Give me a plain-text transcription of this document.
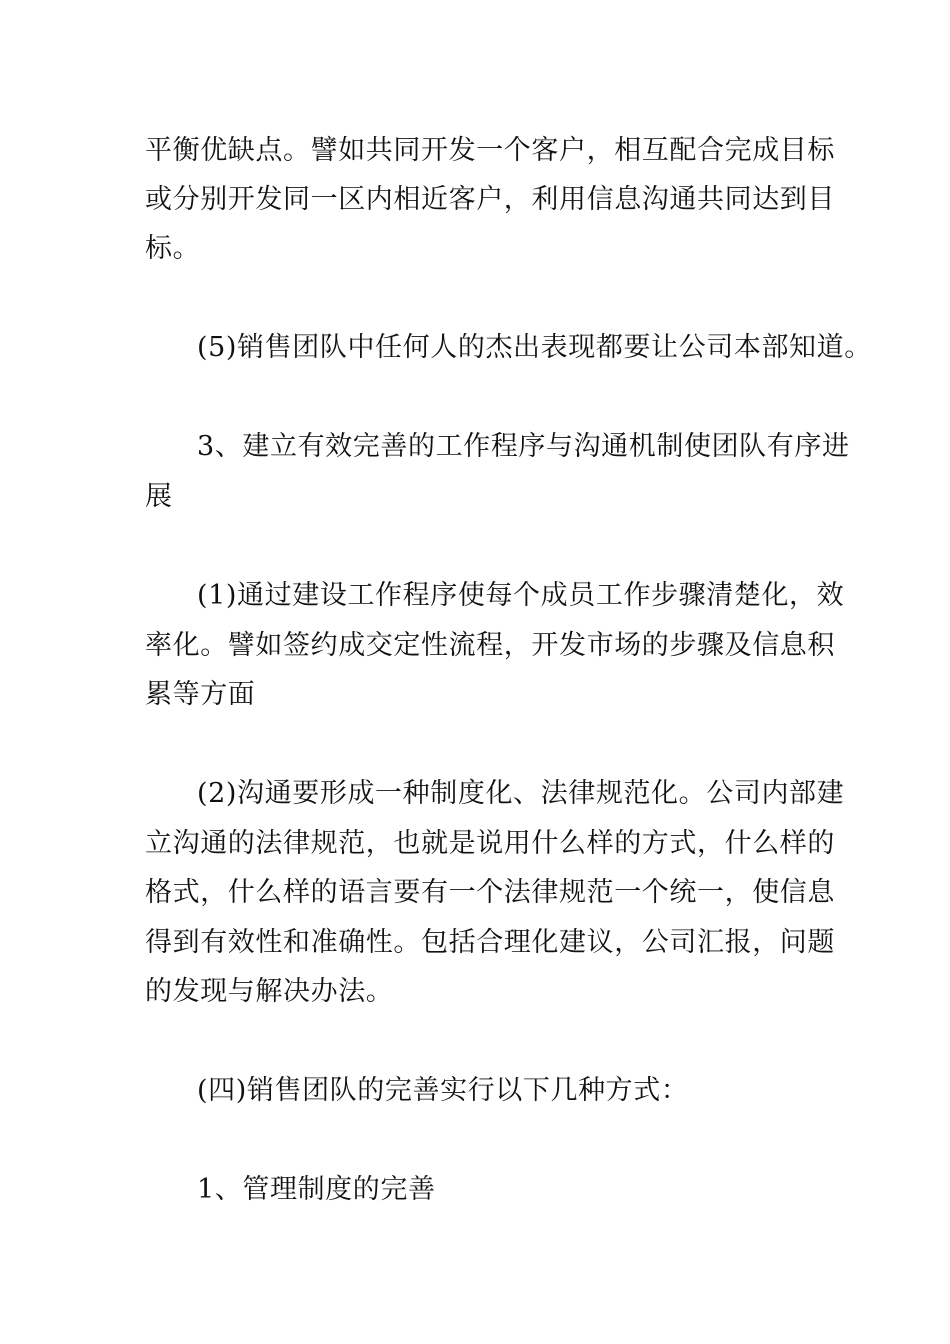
平衡优缺点。譬如共同开发一个客户，相互配合完成目标
或分别开发同一区内相近客户，利用信息沟通共同达到目
标。
(5)销售团队中任何人的杰出表现都要让公司本部知道。
3、建立有效完善的工作程序与沟通机制使团队有序进
展
(1)通过建设工作程序使每个成员工作步骤清楚化，效
率化。譬如签约成交定性流程，开发市场的步骤及信息积
累等方面
(2)沟通要形成一种制度化、法律规范化。公司内部建
立沟通的法律规范，也就是说用什么样的方式，什么样的
格式，什么样的语言要有一个法律规范一个统一，使信息
得到有效性和准确性。包括合理化建议，公司汇报，问题
的发现与解决办法。
(四)销售团队的完善实行以下几种方式：
1、管理制度的完善
